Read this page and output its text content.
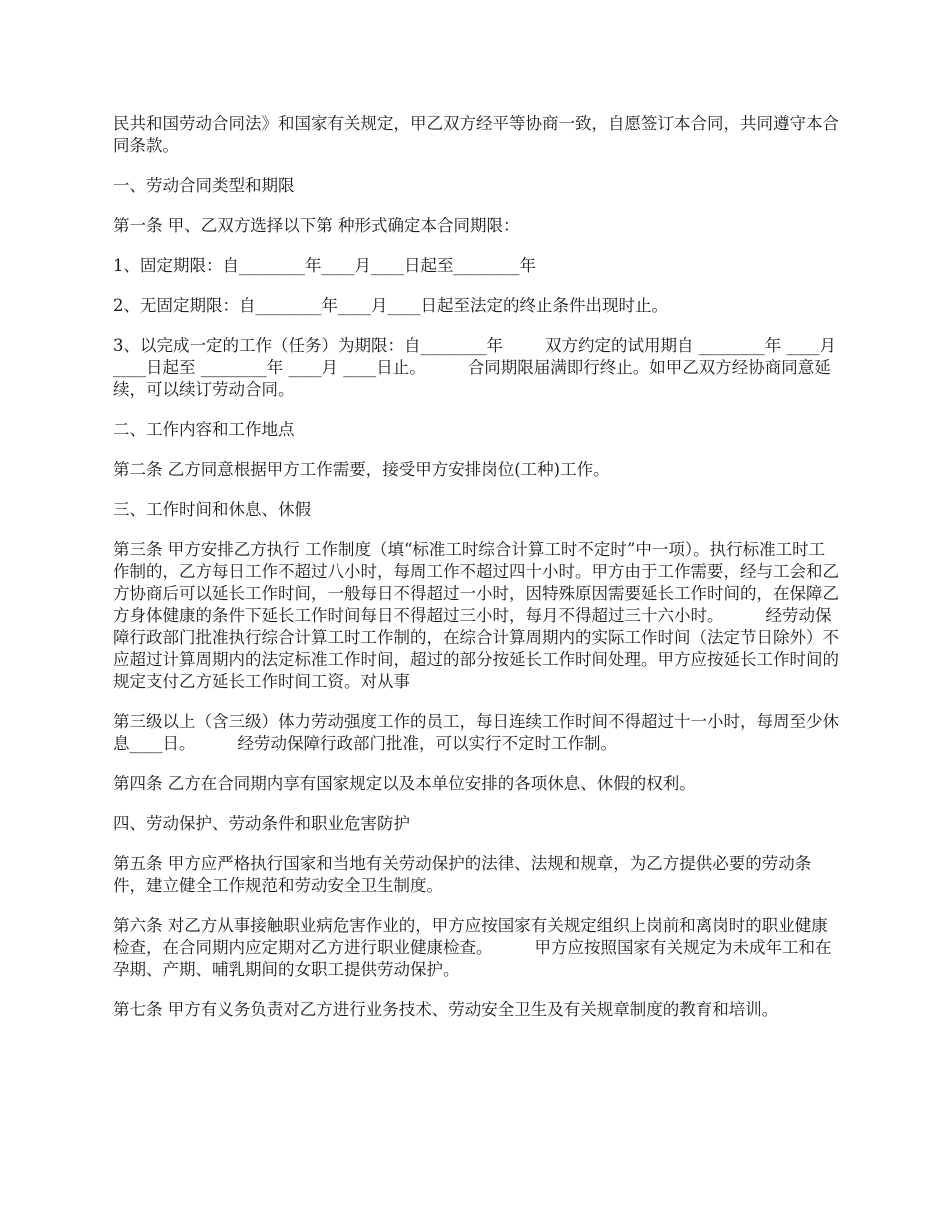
民共和国劳动合同法》和国家有关规定，甲乙双方经平等协商一致，自愿签订本合同，共同遵守本合同条款。

一、劳动合同类型和期限

第一条 甲、乙双方选择以下第 种形式确定本合同期限：

1、固定期限：自________年____月____日起至________年

2、无固定期限：自________年____月____日起至法定的终止条件出现时止。

3、以完成一定的工作（任务）为期限：自________年        双方约定的试用期自 ________年 ____月 ____日起至 ________年 ____月 ____日止。        合同期限届满即行终止。如甲乙双方经协商同意延续，可以续订劳动合同。

二、工作内容和工作地点

第二条 乙方同意根据甲方工作需要，接受甲方安排岗位(工种)工作。

三、工作时间和休息、休假

第三条 甲方安排乙方执行 工作制度（填“标准工时综合计算工时不定时”中一项）。执行标准工时工作制的，乙方每日工作不超过八小时，每周工作不超过四十小时。甲方由于工作需要，经与工会和乙方协商后可以延长工作时间，一般每日不得超过一小时，因特殊原因需要延长工作时间的，在保障乙方身体健康的条件下延长工作时间每日不得超过三小时，每月不得超过三十六小时。        经劳动保障行政部门批准执行综合计算工时工作制的，在综合计算周期内的实际工作时间（法定节日除外）不应超过计算周期内的法定标准工作时间，超过的部分按延长工作时间处理。甲方应按延长工作时间的规定支付乙方延长工作时间工资。对从事

第三级以上（含三级）体力劳动强度工作的员工，每日连续工作时间不得超过十一小时，每周至少休息____日。        经劳动保障行政部门批准，可以实行不定时工作制。

第四条 乙方在合同期内享有国家规定以及本单位安排的各项休息、休假的权利。

四、劳动保护、劳动条件和职业危害防护

第五条 甲方应严格执行国家和当地有关劳动保护的法律、法规和规章，为乙方提供必要的劳动条件，建立健全工作规范和劳动安全卫生制度。

第六条 对乙方从事接触职业病危害作业的，甲方应按国家有关规定组织上岗前和离岗时的职业健康检查，在合同期内应定期对乙方进行职业健康检查。        甲方应按照国家有关规定为未成年工和在孕期、产期、哺乳期间的女职工提供劳动保护。

第七条 甲方有义务负责对乙方进行业务技术、劳动安全卫生及有关规章制度的教育和培训。
